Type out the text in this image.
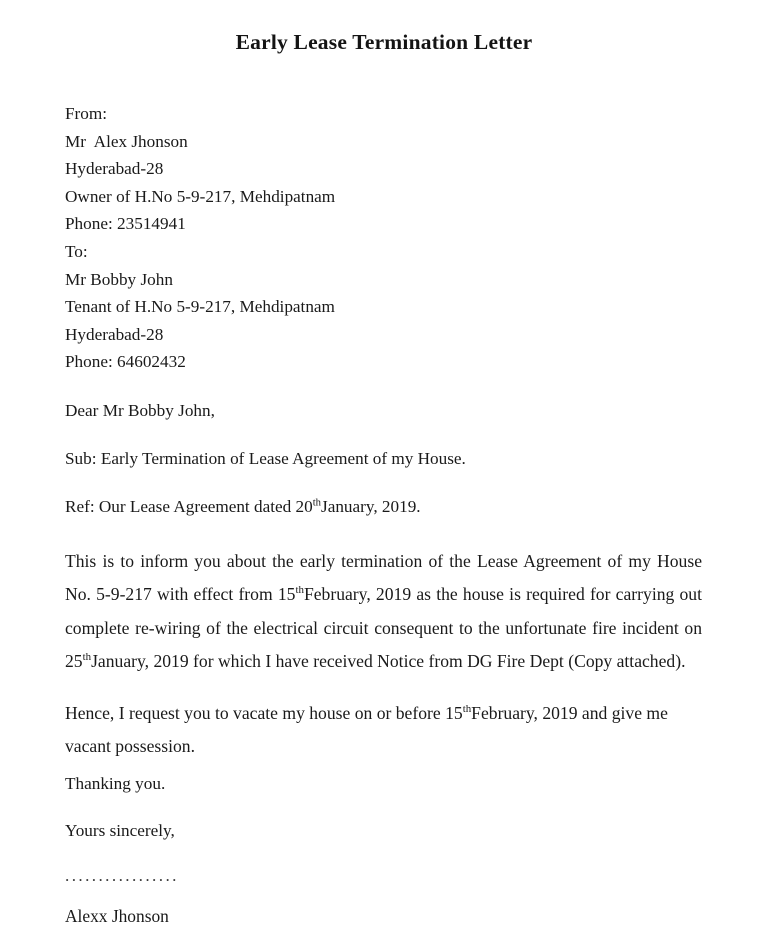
Early Lease Termination Letter
From:
Mr  Alex Jhonson
Hyderabad-28
Owner of H.No 5-9-217, Mehdipatnam
Phone: 23514941
To:
Mr Bobby John
Tenant of H.No 5-9-217, Mehdipatnam
Hyderabad-28
Phone: 64602432
Dear Mr Bobby John,
Sub: Early Termination of Lease Agreement of my House.
Ref: Our Lease Agreement dated 20thJanuary, 2019.
This is to inform you about the early termination of the Lease Agreement of my House No. 5-9-217 with effect from 15thFebruary, 2019 as the house is required for carrying out complete re-wiring of the electrical circuit consequent to the unfortunate fire incident on 25thJanuary, 2019 for which I have received Notice from DG Fire Dept (Copy attached).
Hence, I request you to vacate my house on or before 15thFebruary, 2019 and give me vacant possession.
Thanking you.
Yours sincerely,
.................
Alexx Jhonson
